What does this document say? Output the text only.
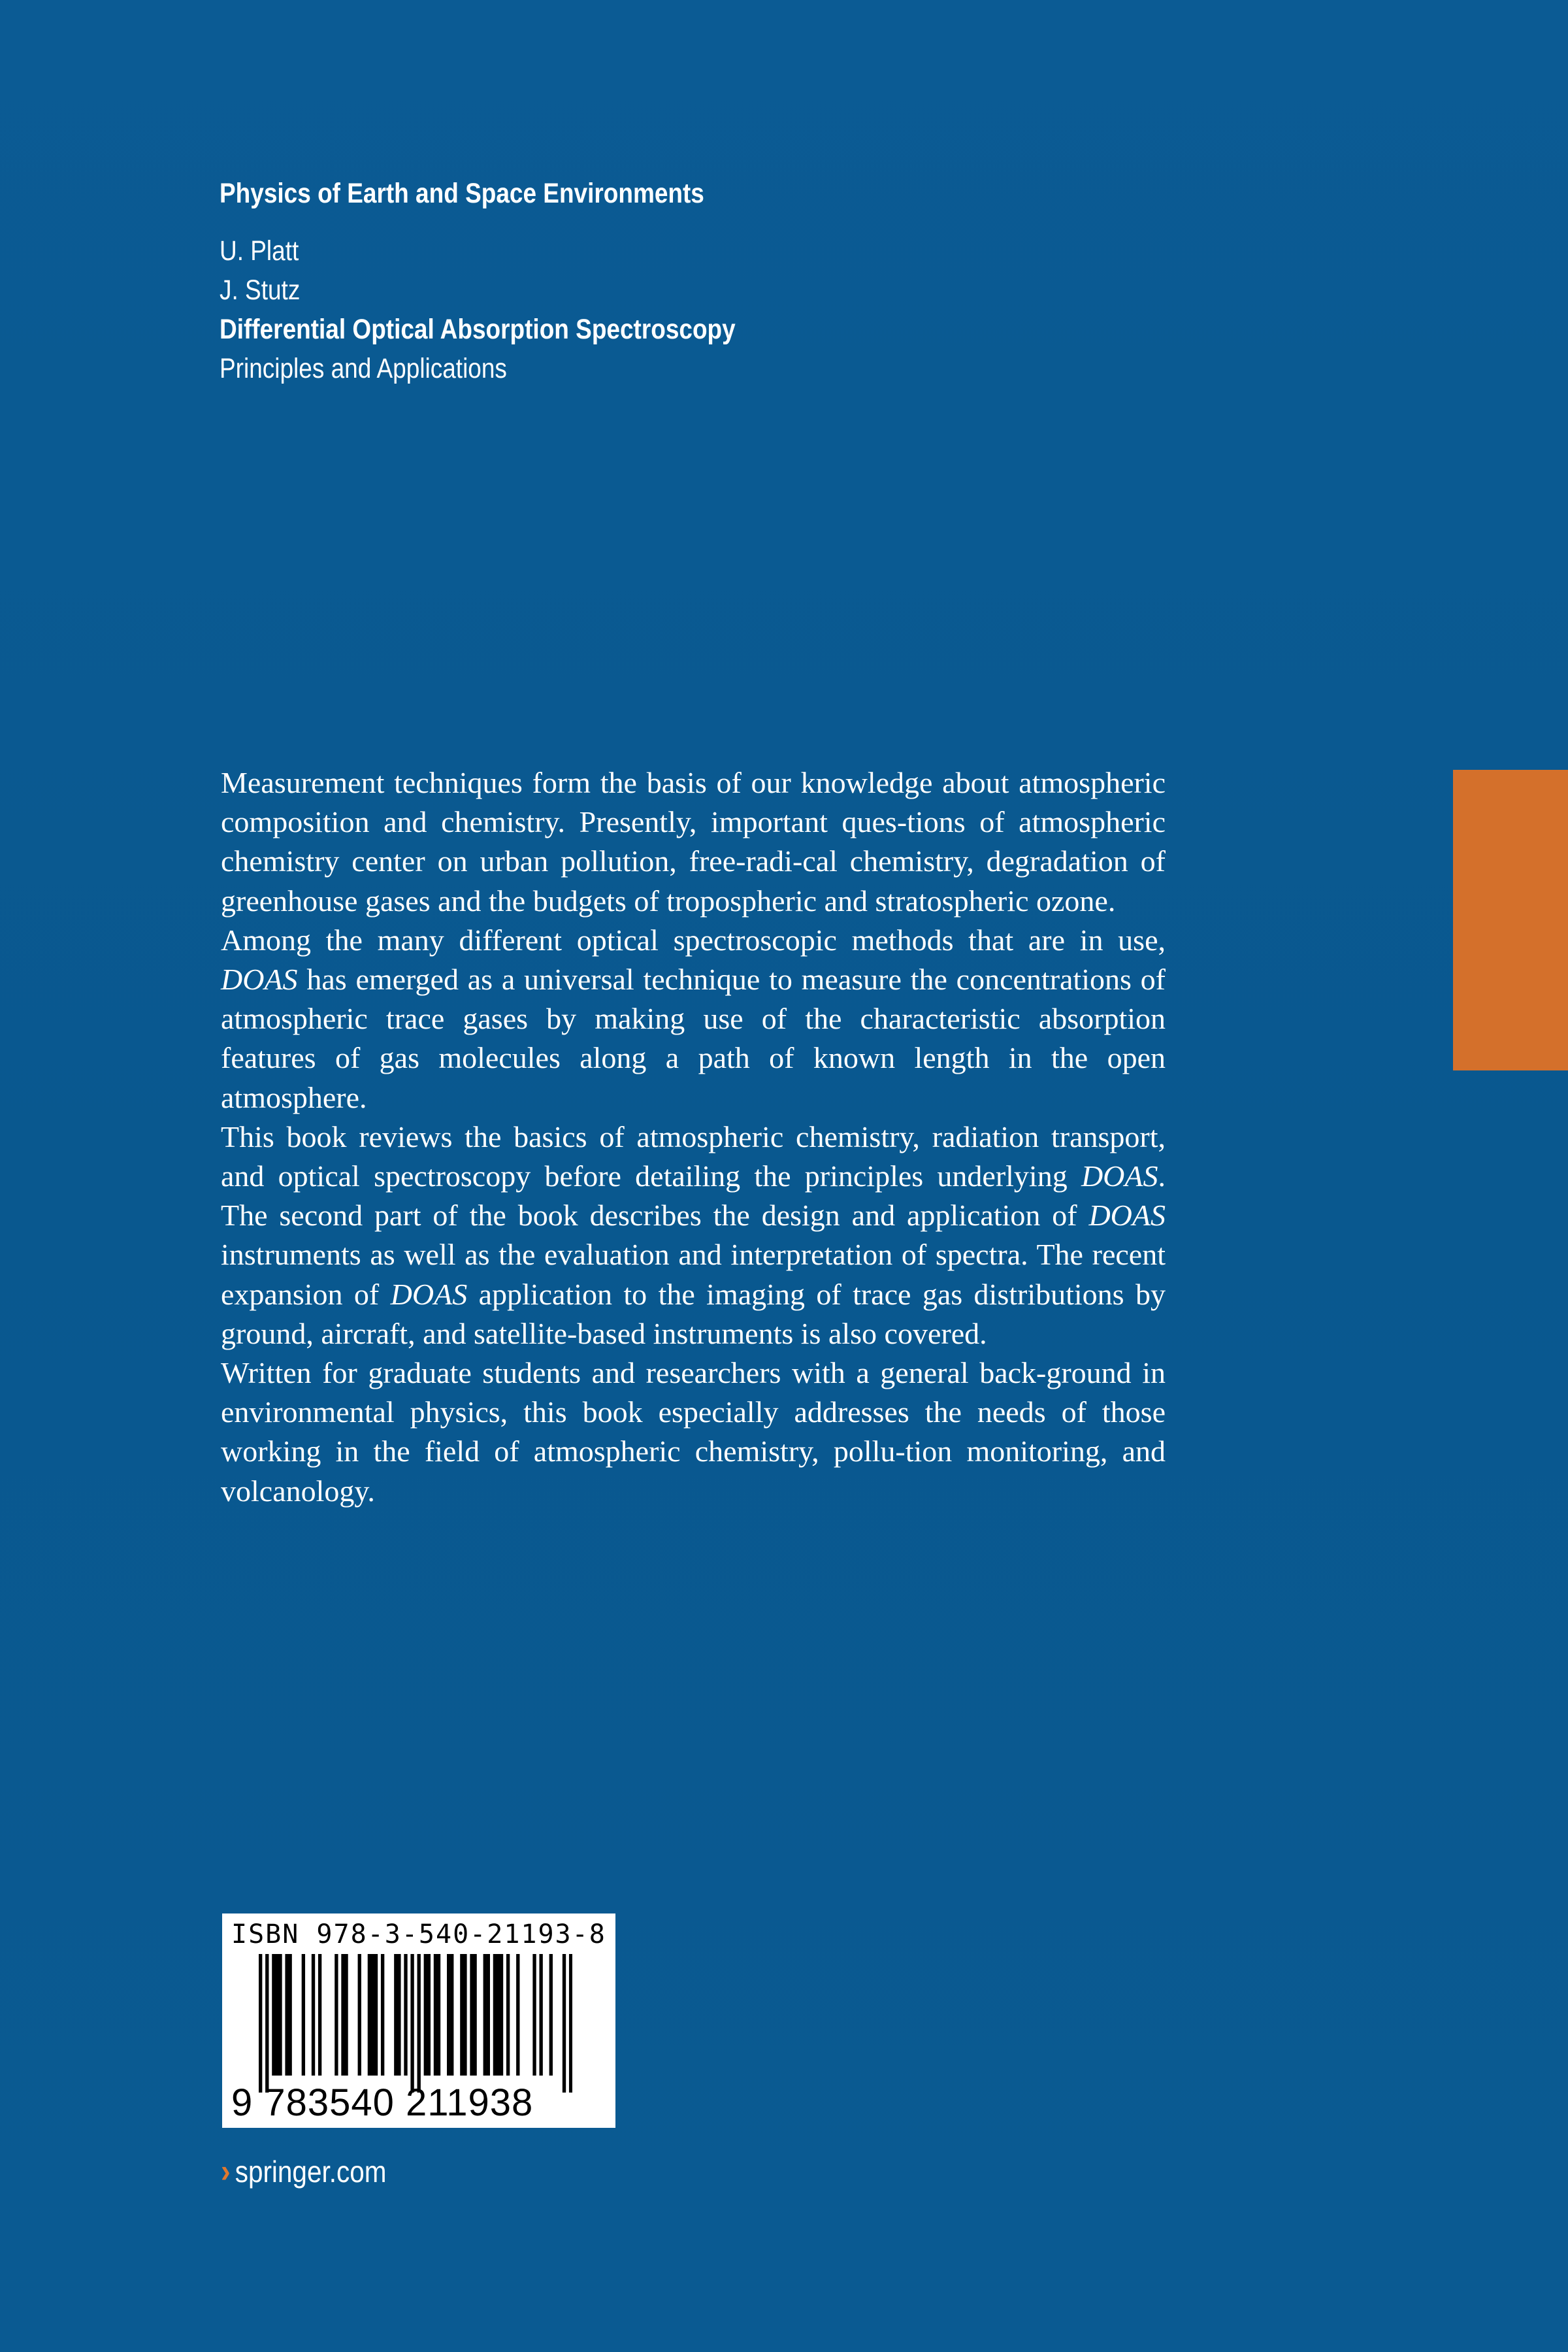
Physics of Earth and Space Environments
U. Platt
J. Stutz
Differential Optical Absorption Spectroscopy
Principles and Applications

Measurement techniques form the basis of our knowledge about atmospheric composition and chemistry. Presently, important ques-tions of atmospheric chemistry center on urban pollution, free-radi-cal chemistry, degradation of greenhouse gases and the budgets of tropospheric and stratospheric ozone.

Among the many different optical spectroscopic methods that are in use, DOAS has emerged as a universal technique to measure the concentrations of atmospheric trace gases by making use of the characteristic absorption features of gas molecules along a path of known length in the open atmosphere.

This book reviews the basics of atmospheric chemistry, radiation transport, and optical spectroscopy before detailing the principles underlying DOAS. The second part of the book describes the design and application of DOAS instruments as well as the evaluation and interpretation of spectra. The recent expansion of DOAS application to the imaging of trace gas distributions by ground, aircraft, and satellite-based instruments is also covered.

Written for graduate students and researchers with a general back-ground in environmental physics, this book especially addresses the needs of those working in the field of atmospheric chemistry, pollu-tion monitoring, and volcanology.

ISBN 978-3-540-21193-8
9 783540 211938
› springer.com
